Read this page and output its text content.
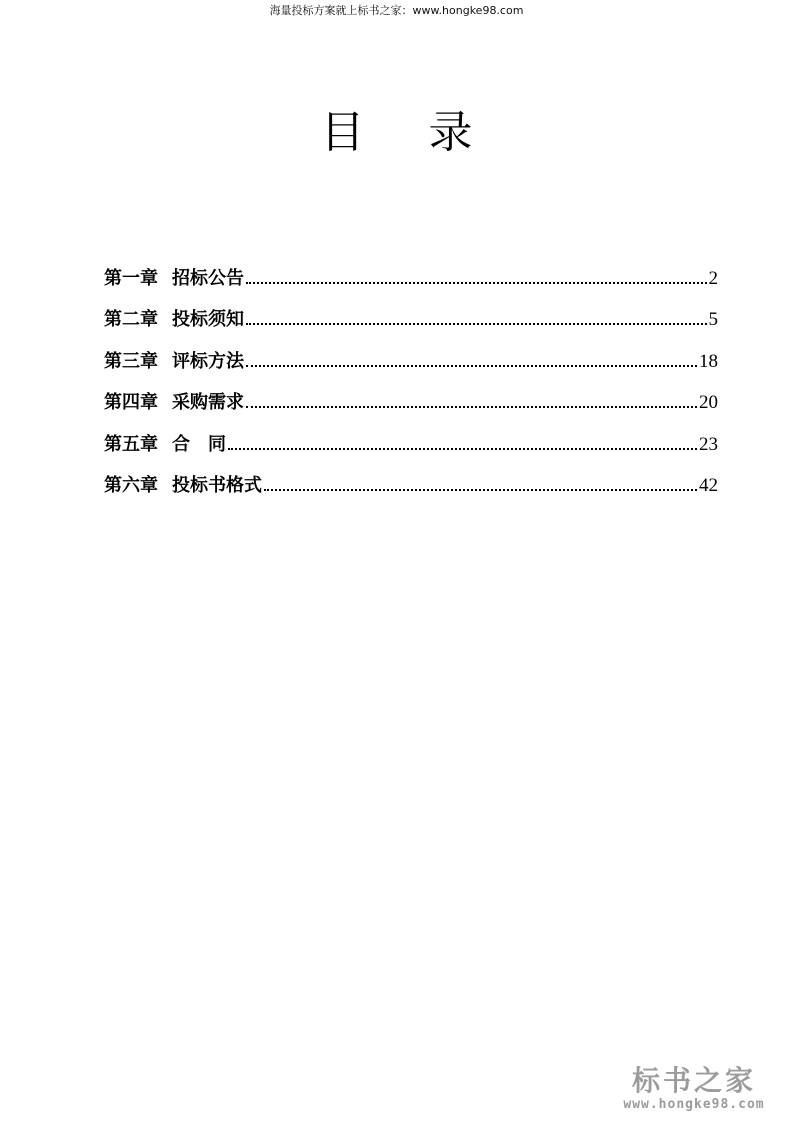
海量投标方案就上标书之家：www.hongke98.com
目 录
第一章 招标公告	2
第二章 投标须知	5
第三章 评标方法	18
第四章 采购需求	20
第五章 合　同	23
第六章 投标书格式	42
标书之家
www.hongke98.com
